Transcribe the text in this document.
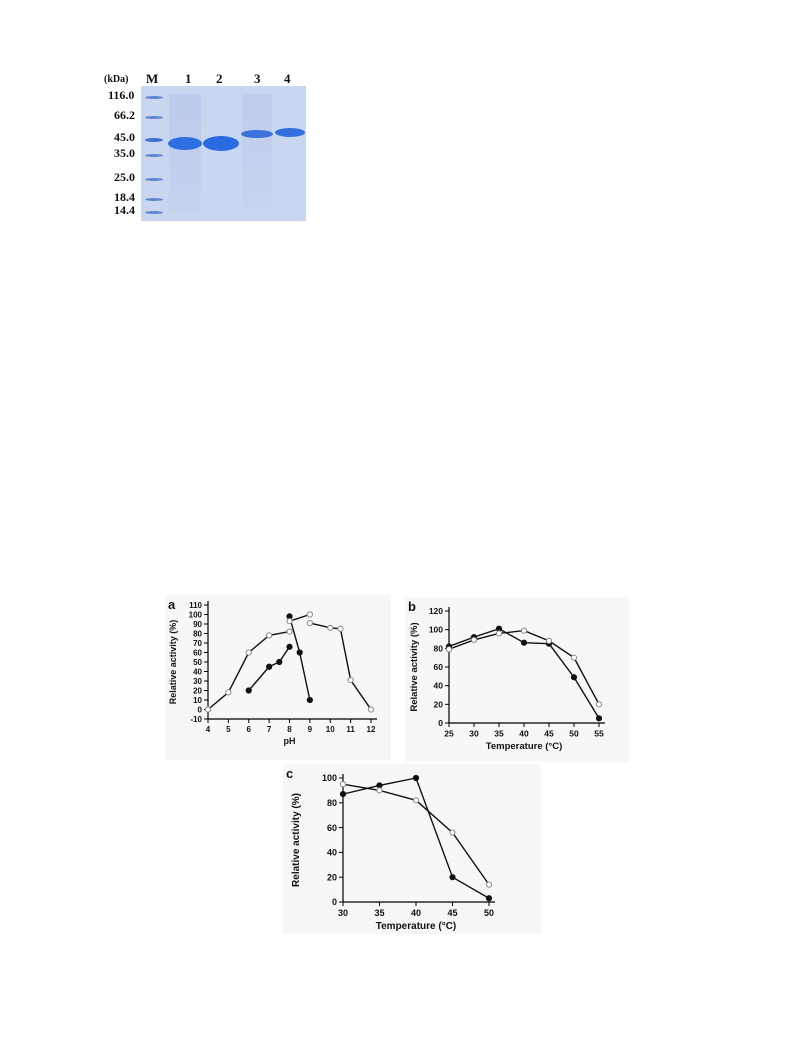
(kDa) M 1 2 3 4
116.0
66.2
45.0
35.0
25.0
18.4
14.4
a
-10
0
10
20
30
40
50
60
70
80
90
100
110
4 5 6 7 8 9 10 11 12
pH
Relative activity (%)
b
0
20
40
60
80
100
120
25 30 35 40 45 50 55
Temperature (°C)
Relative activity (%)
c
0
20
40
60
80
100
30	35	40	45	50
Temperature (°C)
Relative activity (%)
